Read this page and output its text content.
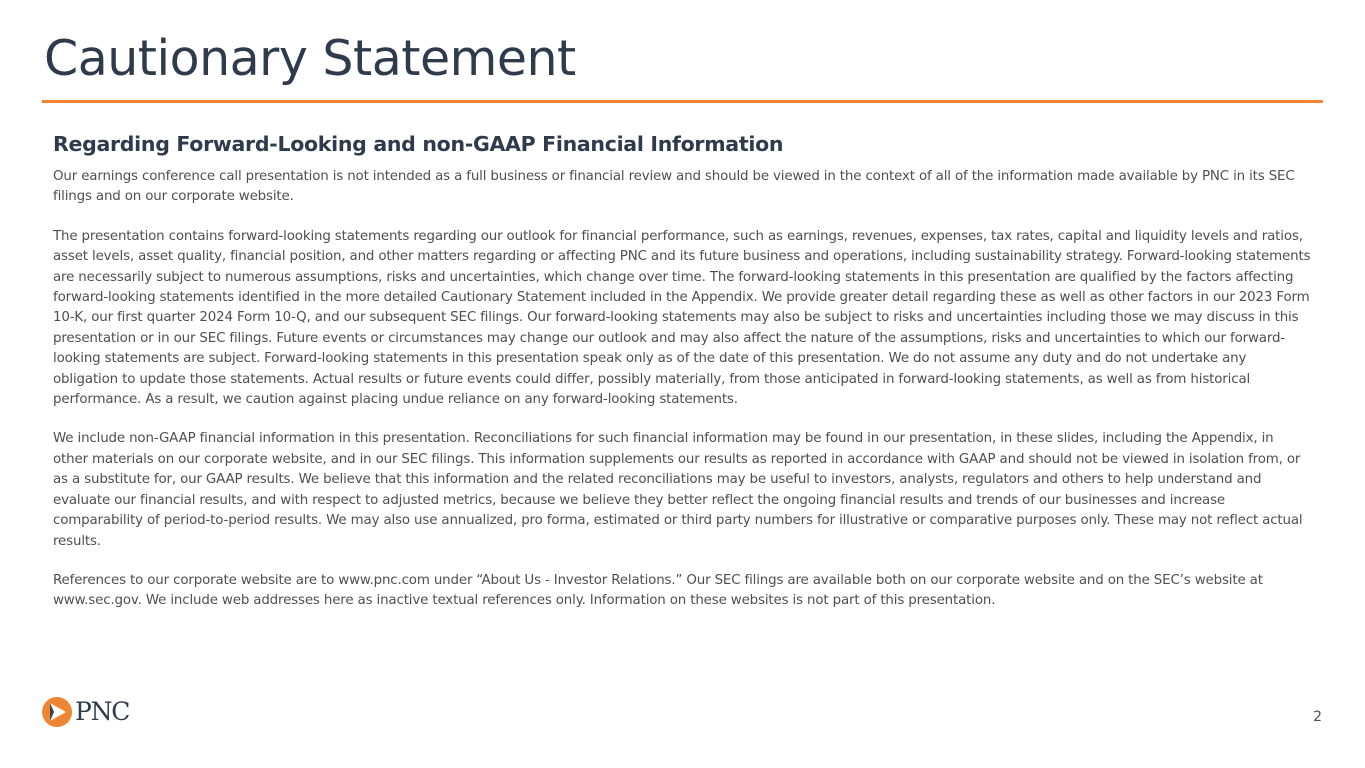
Cautionary Statement
Regarding Forward-Looking and non-GAAP Financial Information

Our earnings conference call presentation is not intended as a full business or financial review and should be viewed in the context of all of the information made available by PNC in its SEC filings and on our corporate website.

The presentation contains forward-looking statements regarding our outlook for financial performance, such as earnings, revenues, expenses, tax rates, capital and liquidity levels and ratios, asset levels, asset quality, financial position, and other matters regarding or affecting PNC and its future business and operations, including sustainability strategy. Forward-looking statements are necessarily subject to numerous assumptions, risks and uncertainties, which change over time. The forward-looking statements in this presentation are qualified by the factors affecting forward-looking statements identified in the more detailed Cautionary Statement included in the Appendix. We provide greater detail regarding these as well as other factors in our 2023 Form 10-K, our first quarter 2024 Form 10-Q, and our subsequent SEC filings. Our forward-looking statements may also be subject to risks and uncertainties including those we may discuss in this presentation or in our SEC filings. Future events or circumstances may change our outlook and may also affect the nature of the assumptions, risks and uncertainties to which our forward-looking statements are subject. Forward-looking statements in this presentation speak only as of the date of this presentation. We do not assume any duty and do not undertake any obligation to update those statements. Actual results or future events could differ, possibly materially, from those anticipated in forward-looking statements, as well as from historical performance. As a result, we caution against placing undue reliance on any forward-looking statements.

We include non-GAAP financial information in this presentation. Reconciliations for such financial information may be found in our presentation, in these slides, including the Appendix, in other materials on our corporate website, and in our SEC filings. This information supplements our results as reported in accordance with GAAP and should not be viewed in isolation from, or as a substitute for, our GAAP results. We believe that this information and the related reconciliations may be useful to investors, analysts, regulators and others to help understand and evaluate our financial results, and with respect to adjusted metrics, because we believe they better reflect the ongoing financial results and trends of our businesses and increase comparability of period-to-period results. We may also use annualized, pro forma, estimated or third party numbers for illustrative or comparative purposes only. These may not reflect actual results.

References to our corporate website are to www.pnc.com under “About Us - Investor Relations.” Our SEC filings are available both on our corporate website and on the SEC’s website at www.sec.gov. We include web addresses here as inactive textual references only. Information on these websites is not part of this presentation.

PNC	2
